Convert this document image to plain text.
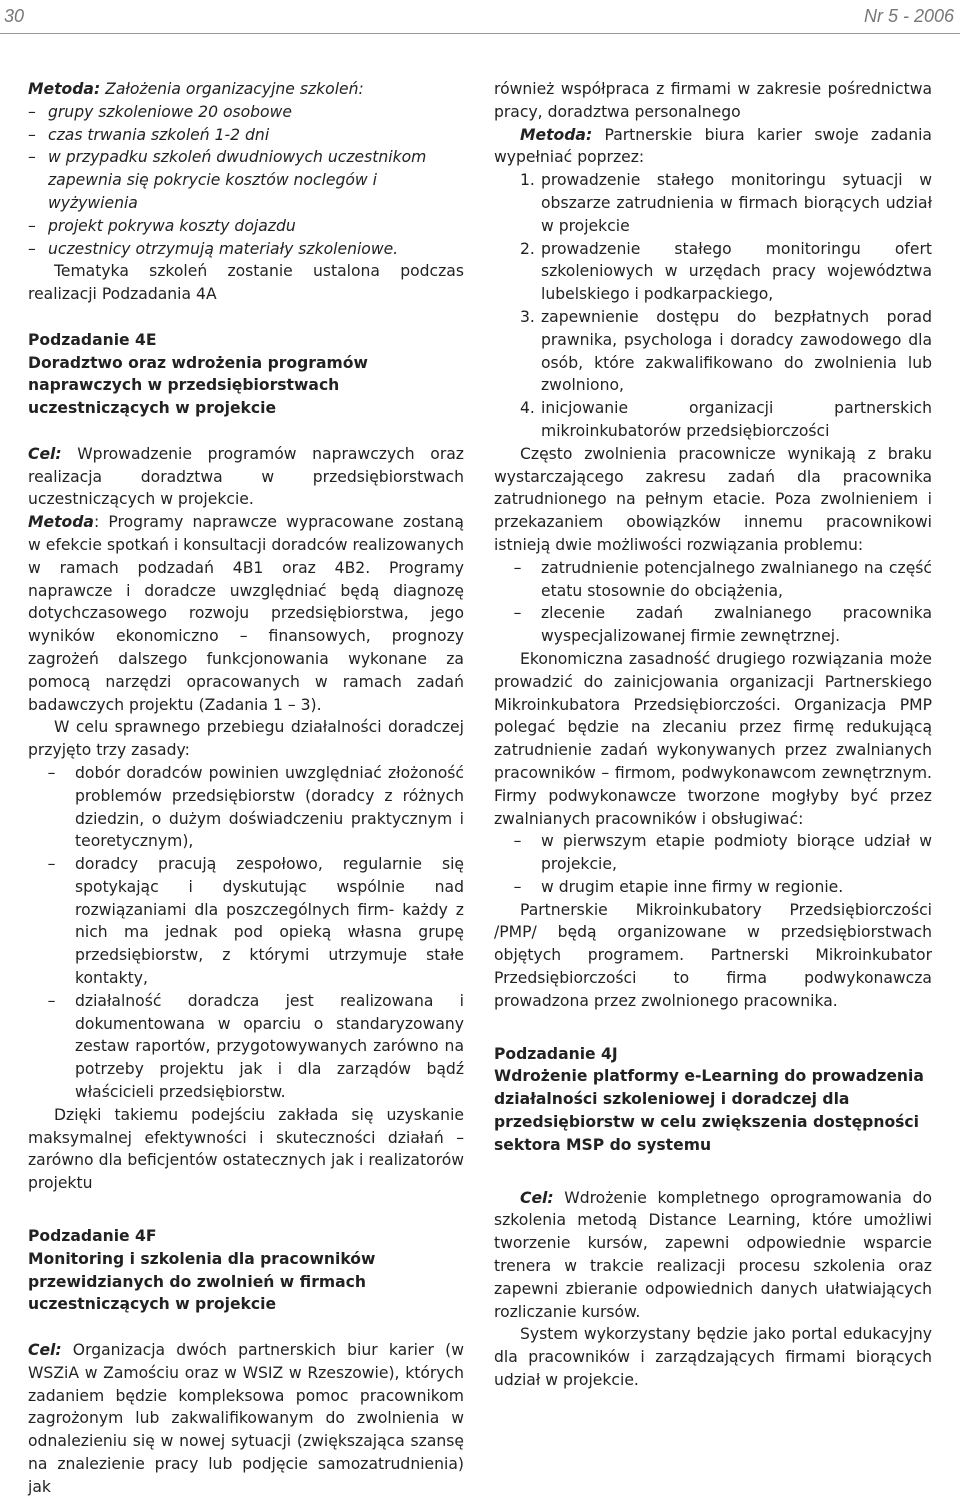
30	Nr 5 - 2006

Metoda: Założenia organizacyjne szkoleń:

– grupy szkoleniowe 20 osobowe
– czas trwania szkoleń 1-2 dni
– w przypadku szkoleń dwudniowych uczestnikom zapewnia się pokrycie kosztów noclegów i wyżywienia
– projekt pokrywa koszty dojazdu
– uczestnicy otrzymują materiały szkoleniowe.

Tematyka szkoleń zostanie ustalona podczas realizacji Podzadania 4A

Podzadanie 4E

Doradztwo oraz wdrożenia programów naprawczych w przedsiębiorstwach uczestniczących w projekcie

Cel: Wprowadzenie programów naprawczych oraz realizacja doradztwa w przedsiębiorstwach uczestniczących w projekcie.

Metoda: Programy naprawcze wypracowane zostaną w efekcie spotkań i konsultacji doradców realizowanych w ramach podzadań 4B1 oraz 4B2. Programy naprawcze i doradcze uwzględniać będą diagnozę dotychczasowego rozwoju przedsiębiorstwa, jego wyników ekonomiczno – finansowych, prognozy zagrożeń dalszego funkcjonowania wykonane za pomocą narzędzi opracowanych w ramach zadań badawczych projektu (Zadania 1 – 3).

W celu sprawnego przebiegu działalności doradczej przyjęto trzy zasady:

– dobór doradców powinien uwzględniać złożoność problemów przedsiębiorstw (doradcy z różnych dziedzin, o dużym doświadczeniu praktycznym i teoretycznym),
– doradcy pracują zespołowo, regularnie się spotykając i dyskutując wspólnie nad rozwiązaniami dla poszczególnych firm- każdy z nich ma jednak pod opieką własna grupę przedsiębiorstw, z którymi utrzymuje stałe kontakty,
– działalność doradcza jest realizowana i dokumentowana w oparciu o standaryzowany zestaw raportów, przygotowywanych zarówno na potrzeby projektu jak i dla zarządów bądź właścicieli przedsiębiorstw.

Dzięki takiemu podejściu zakłada się uzyskanie maksymalnej efektywności i skuteczności działań – zarówno dla beficjentów ostatecznych jak i realizatorów projektu

Podzadanie 4F

Monitoring i szkolenia dla pracowników przewidzianych do zwolnień w firmach uczestniczących w projekcie

Cel: Organizacja dwóch partnerskich biur karier (w WSZiA w Zamościu oraz w WSIZ w Rzeszowie), których zadaniem będzie kompleksowa pomoc pracownikom zagrożonym lub zakwalifikowanym do zwolnienia w odnalezieniu się w nowej sytuacji (zwiększająca szansę na znalezienie pracy lub podjęcie samozatrudnienia) jak

również współpraca z firmami w zakresie pośrednictwa pracy, doradztwa personalnego

Metoda: Partnerskie biura karier swoje zadania wypełniać poprzez:

1. prowadzenie stałego monitoringu sytuacji w obszarze zatrudnienia w firmach biorących udział w projekcie
2. prowadzenie stałego monitoringu ofert szkoleniowych w urzędach pracy województwa lubelskiego i podkarpackiego,
3. zapewnienie dostępu do bezpłatnych porad prawnika, psychologa i doradcy zawodowego dla osób, które zakwalifikowano do zwolnienia lub zwolniono,
4. inicjowanie organizacji partnerskich mikroinkubatorów przedsiębiorczości

Często zwolnienia pracownicze wynikają z braku wystarczającego zakresu zadań dla pracownika zatrudnionego na pełnym etacie. Poza zwolnieniem i przekazaniem obowiązków innemu pracownikowi istnieją dwie możliwości rozwiązania problemu:

– zatrudnienie potencjalnego zwalnianego na część etatu stosownie do obciążenia,
– zlecenie zadań zwalnianego pracownika wyspecjalizowanej firmie zewnętrznej.

Ekonomiczna zasadność drugiego rozwiązania może prowadzić do zainicjowania organizacji Partnerskiego Mikroinkubatora Przedsiębiorczości. Organizacja PMP polegać będzie na zlecaniu przez firmę redukującą zatrudnienie zadań wykonywanych przez zwalnianych pracowników – firmom, podwykonawcom zewnętrznym. Firmy podwykonawcze tworzone mogłyby być przez zwalnianych pracowników i obsługiwać:

– w pierwszym etapie podmioty biorące udział w projekcie,
– w drugim etapie inne firmy w regionie.

Partnerskie Mikroinkubatory Przedsiębiorczości /PMP/ będą organizowane w przedsiębiorstwach objętych programem. Partnerski Mikroinkubator Przedsiębiorczości to firma podwykonawcza prowadzona przez zwolnionego pracownika.

Podzadanie 4J

Wdrożenie platformy e-Learning do prowadzenia działalności szkoleniowej i doradczej dla przedsiębiorstw w celu zwiększenia dostępności sektora MSP do systemu

Cel: Wdrożenie kompletnego oprogramowania do szkolenia metodą Distance Learning, które umożliwi tworzenie kursów, zapewni odpowiednie wsparcie trenera w trakcie realizacji procesu szkolenia oraz zapewni zbieranie odpowiednich danych ułatwiających rozliczanie kursów.

System wykorzystany będzie jako portal edukacyjny dla pracowników i zarządzających firmami biorących udział w projekcie.
